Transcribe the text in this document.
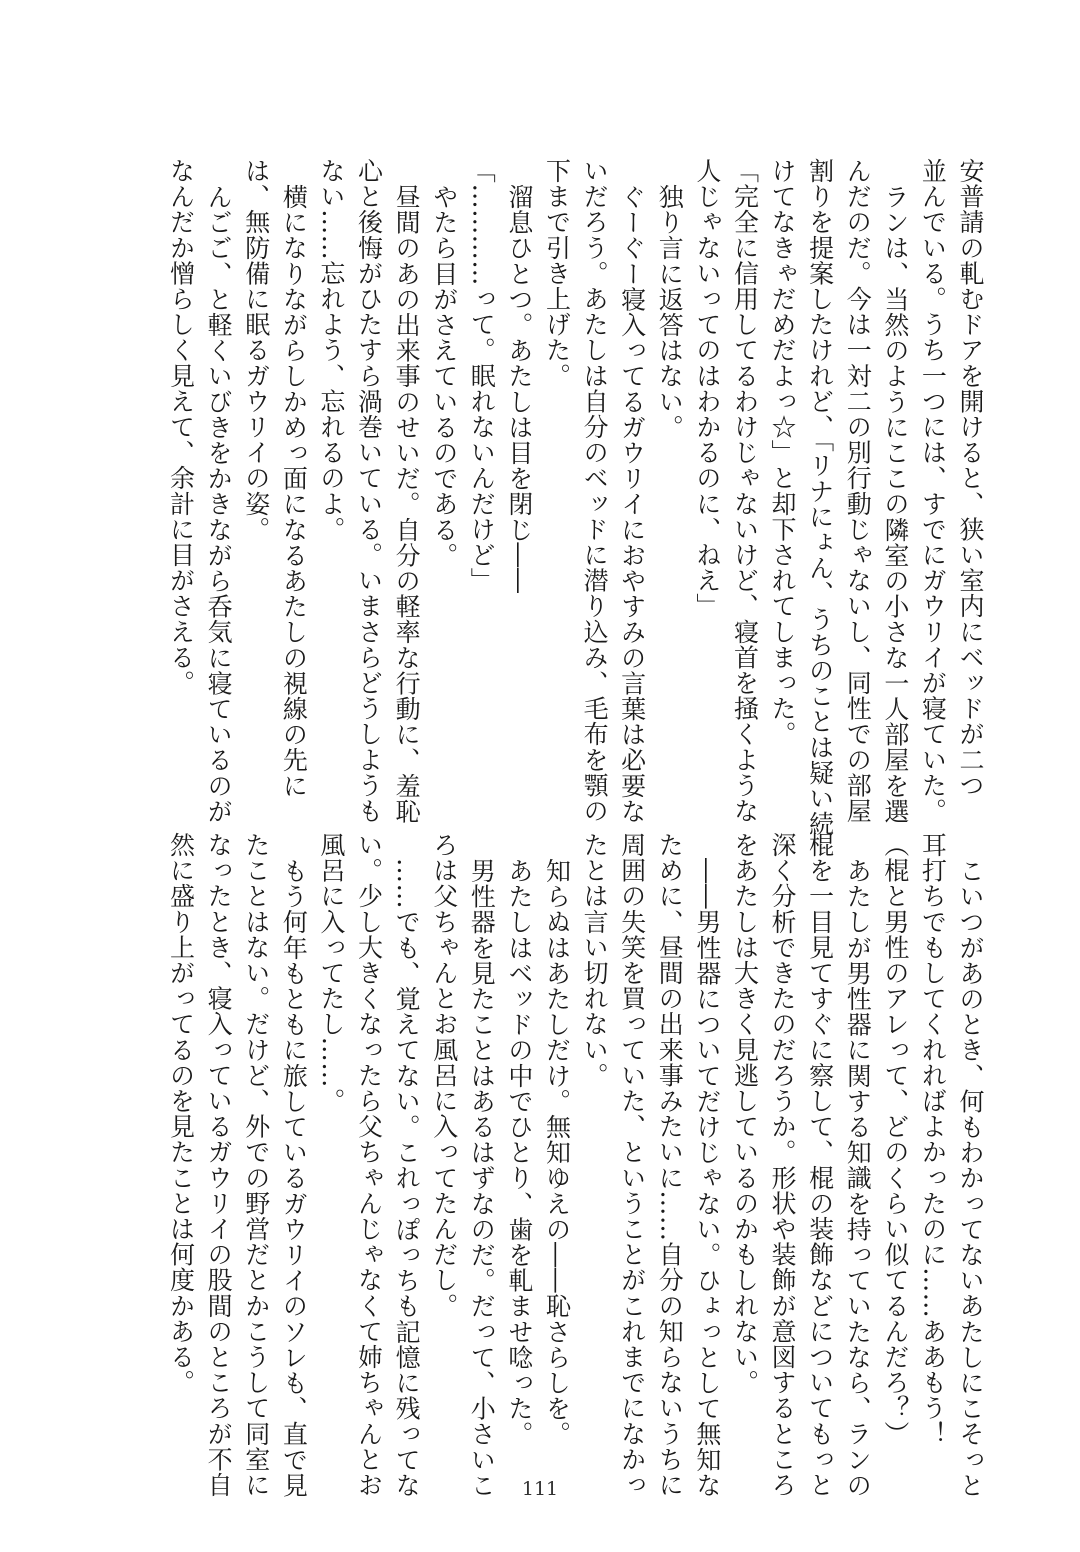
安普請の軋むドアを開けると、狭い室内にベッドが二つ
並んでいる。うち一つには、すでにガウリイが寝ていた。
ランは、当然のようにここの隣室の小さな一人部屋を選
んだのだ。今は一対二の別行動じゃないし、同性での部屋
割りを提案したけれど、「リナにょん、うちのことは疑い続
けてなきゃだめだよっ☆」と却下されてしまった。
「完全に信用してるわけじゃないけど、寝首を掻くような
人じゃないってのはわかるのに、ねえ」
独り言に返答はない。
ぐーぐー寝入ってるガウリイにおやすみの言葉は必要な
いだろう。あたしは自分のベッドに潜り込み、毛布を顎の
下まで引き上げた。
溜息ひとつ。あたしは目を閉じ――
「…………って。眠れないんだけど」
やたら目がさえているのである。
昼間のあの出来事のせいだ。自分の軽率な行動に、羞恥
心と後悔がひたすら渦巻いている。いまさらどうしようも
ない……忘れよう、忘れるのよ。
横になりながらしかめっ面になるあたしの視線の先に
は、無防備に眠るガウリイの姿。
んごご、と軽くいびきをかきながら呑気に寝ているのが
なんだか憎らしく見えて、余計に目がさえる。
こいつがあのとき、何もわかってないあたしにこそっと
耳打ちでもしてくれればよかったのに……ああもう！
（棍と男性のアレって、どのくらい似てるんだろ？）
あたしが男性器に関する知識を持っていたなら、ランの
棍を一目見てすぐに察して、棍の装飾などについてもっと
深く分析できたのだろうか。形状や装飾が意図するところ
をあたしは大きく見逃しているのかもしれない。
――男性器についてだけじゃない。ひょっとして無知な
ために、昼間の出来事みたいに……自分の知らないうちに
周囲の失笑を買っていた、ということがこれまでになかっ
たとは言い切れない。
知らぬはあたしだけ。無知ゆえの――恥さらしを。
あたしはベッドの中でひとり、歯を軋ませ唸った。
男性器を見たことはあるはずなのだ。だって、小さいこ
ろは父ちゃんとお風呂に入ってたんだし。
……でも、覚えてない。これっぽっちも記憶に残ってな
い。少し大きくなったら父ちゃんじゃなくて姉ちゃんとお
風呂に入ってたし……。
もう何年もともに旅しているガウリイのソレも、直で見
たことはない。だけど、外での野営だとかこうして同室に
なったとき、寝入っているガウリイの股間のところが不自
然に盛り上がってるのを見たことは何度かある。
111
